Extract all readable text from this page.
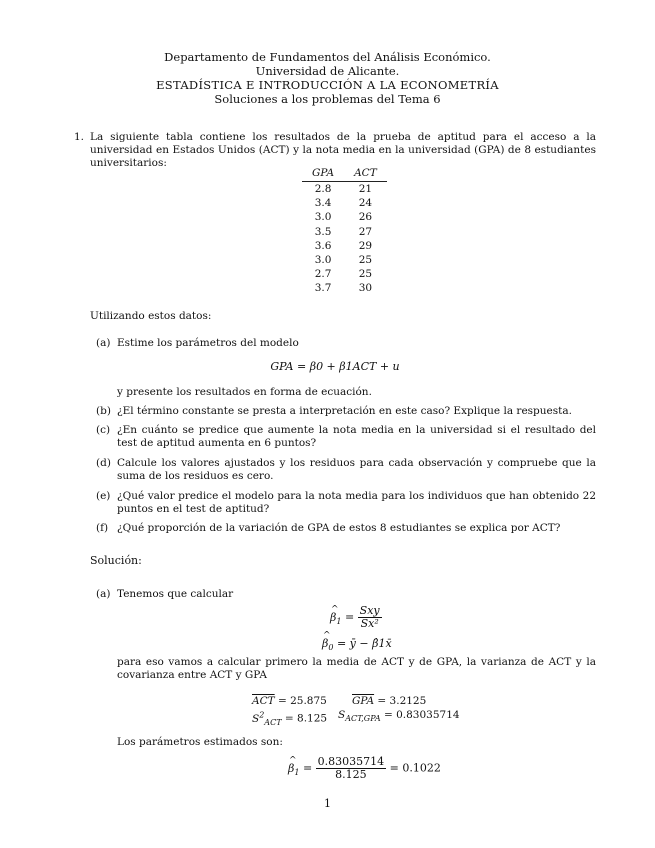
Departamento de Fundamentos del Análisis Económico.
Universidad de Alicante.
ESTADÍSTICA E INTRODUCCIÓN A LA ECONOMETRÍA
Soluciones a los problemas del Tema 6
1. La siguiente tabla contiene los resultados de la prueba de aptitud para el acceso a la universidad en Estados Unidos (ACT) y la nota media en la universidad (GPA) de 8 estudiantes universitarios:
GPA	ACT
2.8	21
3.4	24
3.0	26
3.5	27
3.6	29
3.0	25
2.7	25
3.7	30
Utilizando estos datos:
(a) Estime los parámetros del modelo
GPA = β0 + β1ACT + u
y presente los resultados en forma de ecuación.
(b) ¿El término constante se presta a interpretación en este caso? Explique la respuesta.
(c) ¿En cuánto se predice que aumente la nota media en la universidad si el resultado del test de aptitud aumenta en 6 puntos?
(d) Calcule los valores ajustados y los residuos para cada observación y compruebe que la suma de los residuos es cero.
(e) ¿Qué valor predice el modelo para la nota media para los individuos que han obtenido 22 puntos en el test de aptitud?
(f) ¿Qué proporción de la variación de GPA de estos 8 estudiantes se explica por ACT?
Solución:
(a) Tenemos que calcular
^ $\beta_1 = \frac{\text{Sxy}}{\text{Sx²}}$
^ $\beta_0$ = ȳ − β̂1x̄
para eso vamos a calcular primero la media de ACT y de GPA, la varianza de ACT y la covarianza entre ACT y GPA
$\overline{ACT} = 25.875$ $\overline{GPA} = 3.2125$
$S^2_{ACT} = 8.125$ $S_{ACT,GPA} = 0.83035714$
Los parámetros estimados son:
^ $\beta_1 = \frac{0.83035714}{8.125} = 0.1022$
1
